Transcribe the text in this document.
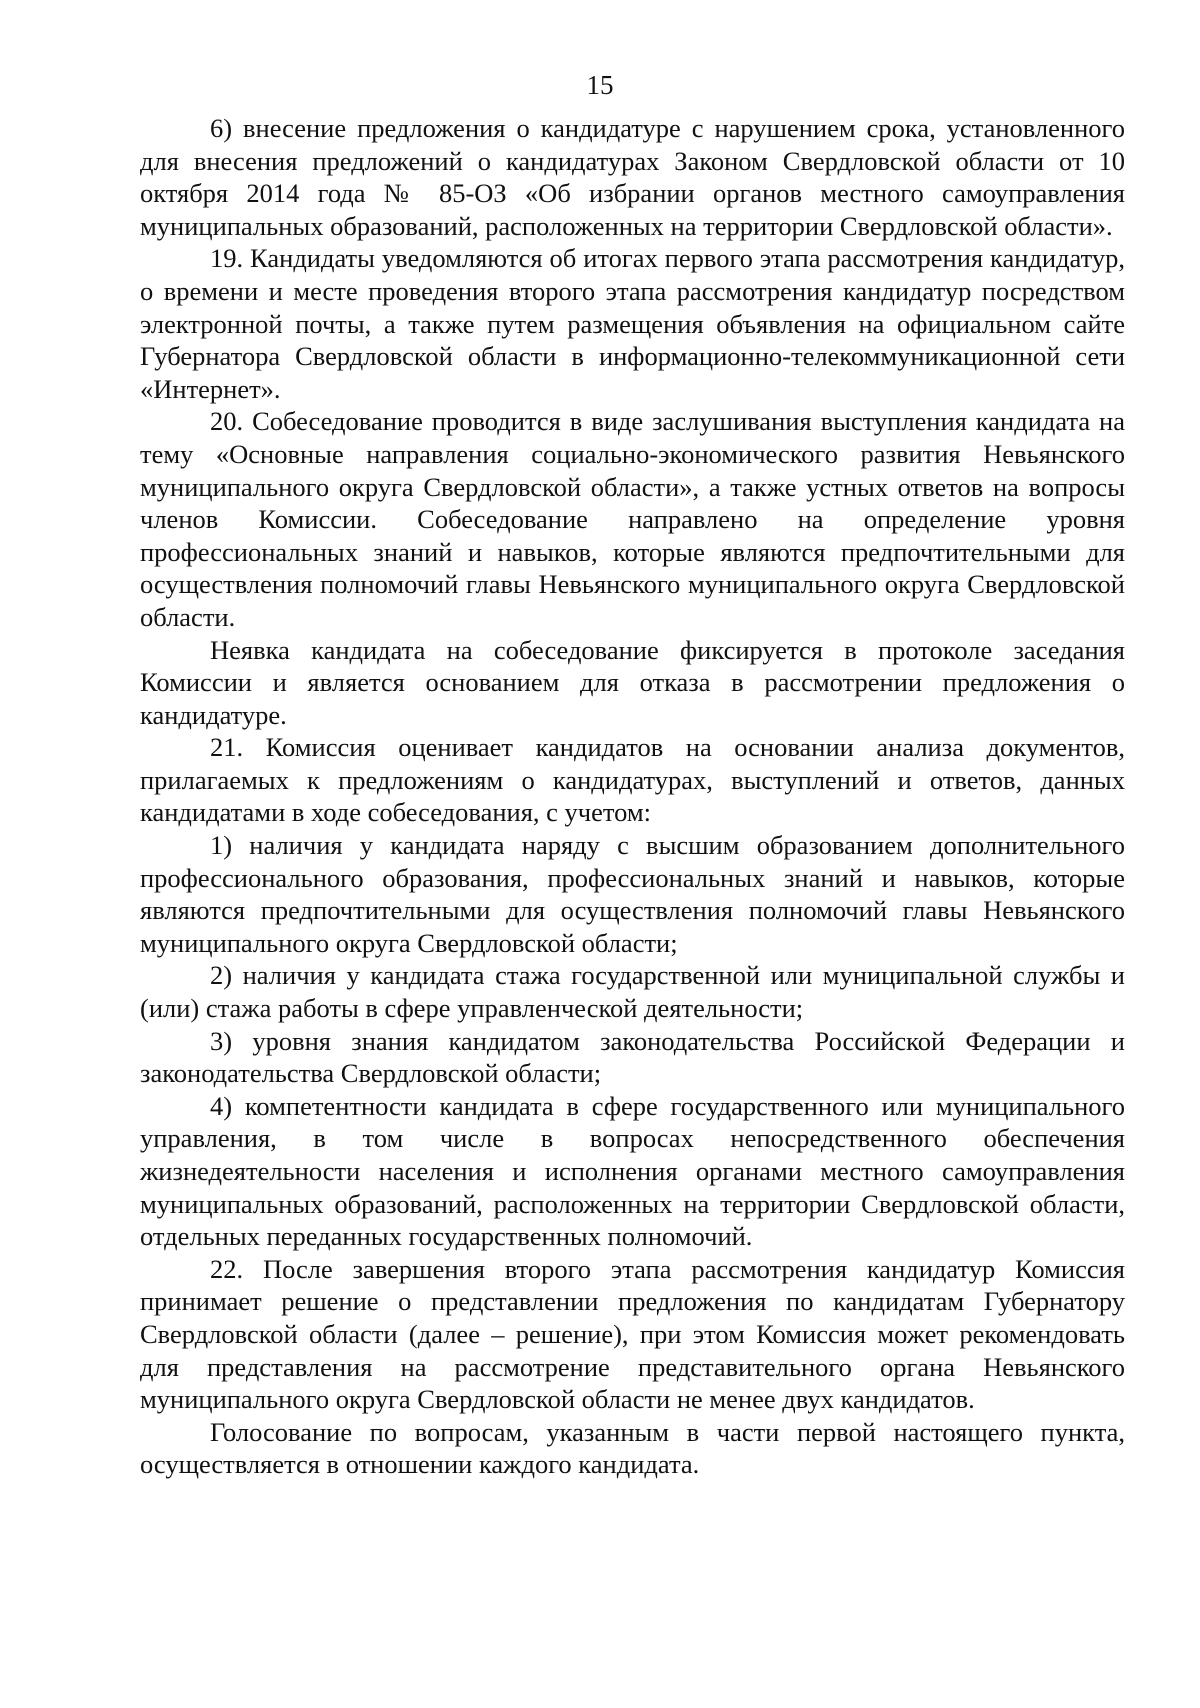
15

6) внесение предложения о кандидатуре с нарушением срока, установленного для внесения предложений о кандидатурах Законом Свердловской области от 10 октября 2014 года № 85-ОЗ «Об избрании органов местного самоуправления муниципальных образований, расположенных на территории Свердловской области».

19. Кандидаты уведомляются об итогах первого этапа рассмотрения кандидатур, о времени и месте проведения второго этапа рассмотрения кандидатур посредством электронной почты, а также путем размещения объявления на официальном сайте Губернатора Свердловской области в информационно-телекоммуникационной сети «Интернет».

20. Собеседование проводится в виде заслушивания выступления кандидата на тему «Основные направления социально-экономического развития Невьянского муниципального округа Свердловской области», а также устных ответов на вопросы членов Комиссии. Собеседование направлено на определение уровня профессиональных знаний и навыков, которые являются предпочтительными для осуществления полномочий главы Невьянского муниципального округа Свердловской области.

Неявка кандидата на собеседование фиксируется в протоколе заседания Комиссии и является основанием для отказа в рассмотрении предложения о кандидатуре.

21. Комиссия оценивает кандидатов на основании анализа документов, прилагаемых к предложениям о кандидатурах, выступлений и ответов, данных кандидатами в ходе собеседования, с учетом:

1) наличия у кандидата наряду с высшим образованием дополнительного профессионального образования, профессиональных знаний и навыков, которые являются предпочтительными для осуществления полномочий главы Невьянского муниципального округа Свердловской области;

2) наличия у кандидата стажа государственной или муниципальной службы и (или) стажа работы в сфере управленческой деятельности;

3) уровня знания кандидатом законодательства Российской Федерации и законодательства Свердловской области;

4) компетентности кандидата в сфере государственного или муниципального управления, в том числе в вопросах непосредственного обеспечения жизнедеятельности населения и исполнения органами местного самоуправления муниципальных образований, расположенных на территории Свердловской области, отдельных переданных государственных полномочий.

22. После завершения второго этапа рассмотрения кандидатур Комиссия принимает решение о представлении предложения по кандидатам Губернатору Свердловской области (далее – решение), при этом Комиссия может рекомендовать для представления на рассмотрение представительного органа Невьянского муниципального округа Свердловской области не менее двух кандидатов.

Голосование по вопросам, указанным в части первой настоящего пункта, осуществляется в отношении каждого кандидата.
